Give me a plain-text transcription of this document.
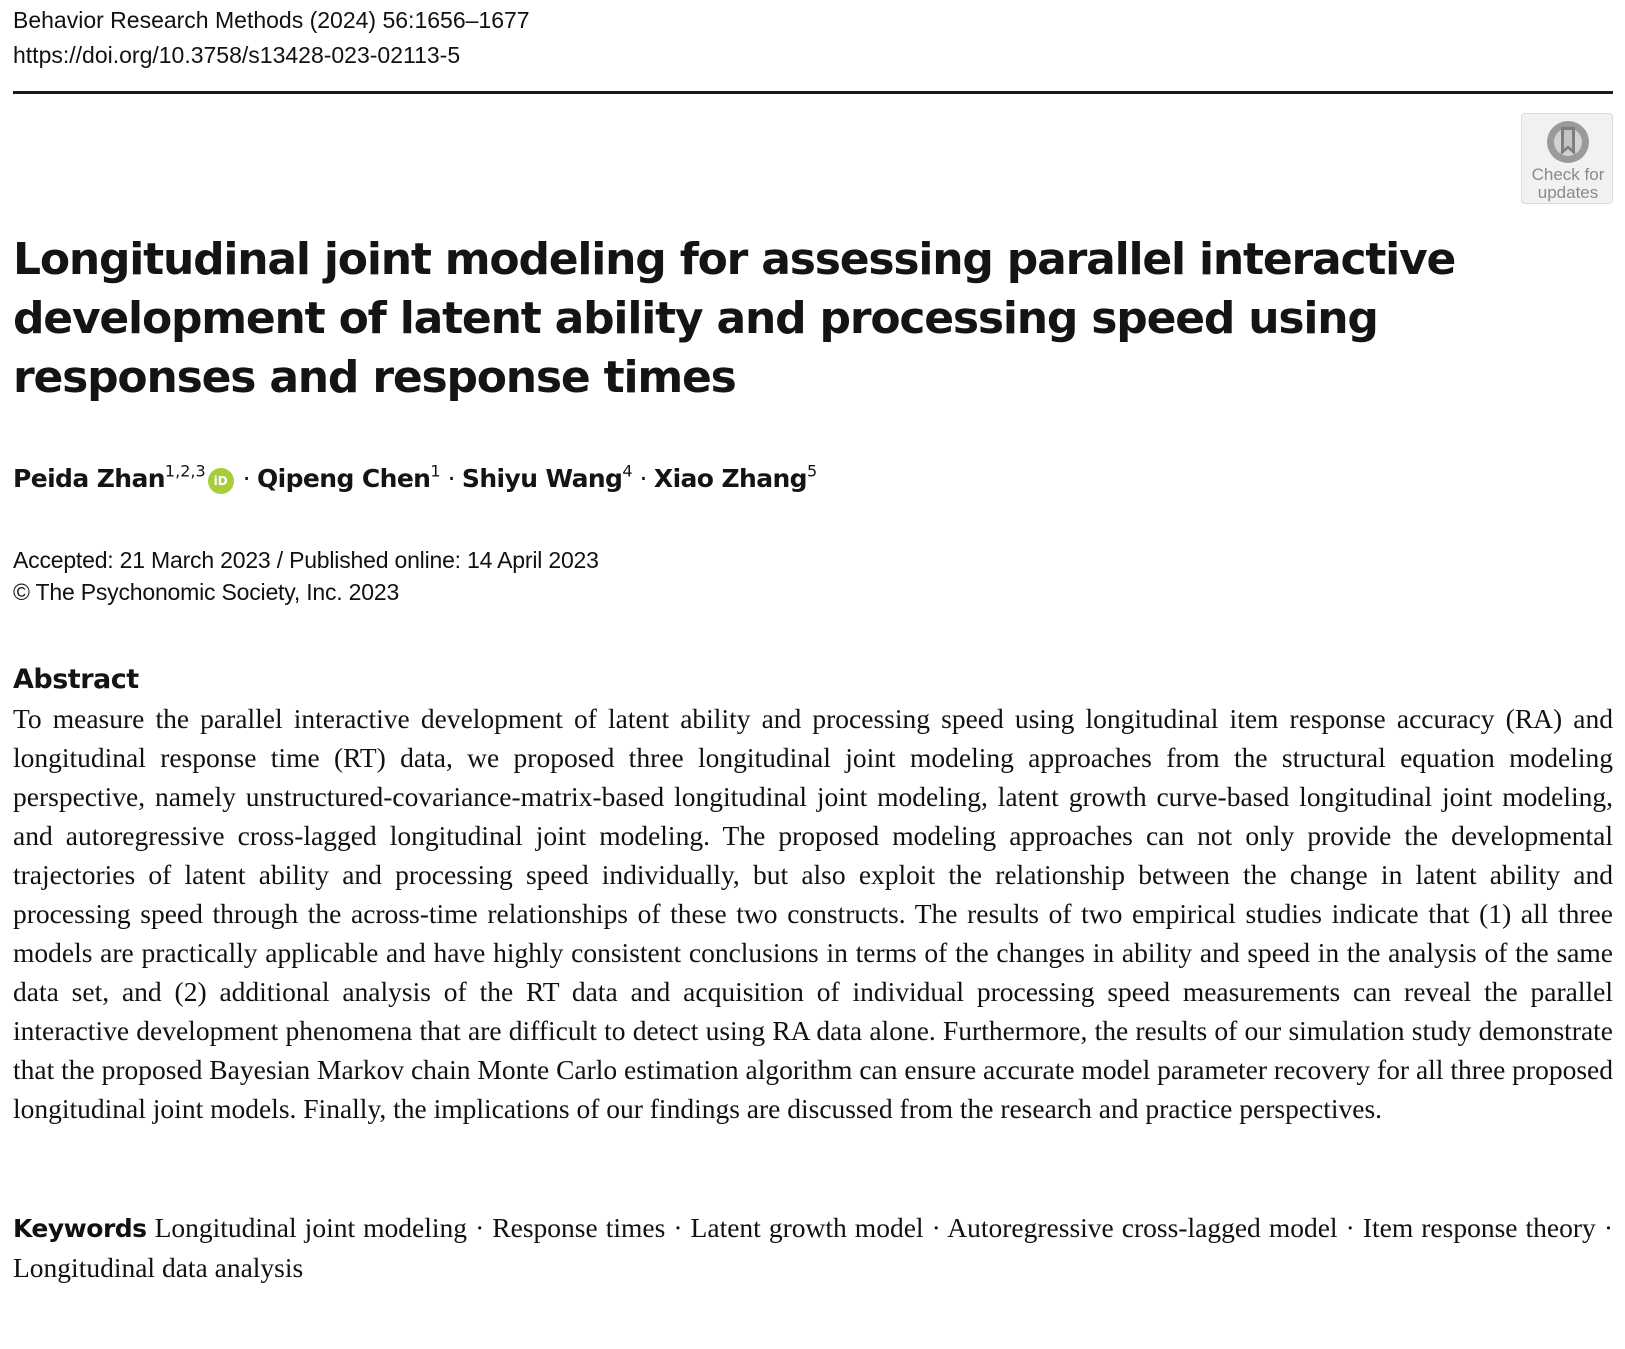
Behavior Research Methods (2024) 56:1656–1677
https://doi.org/10.3758/s13428-023-02113-5
Check for
updates
Longitudinal joint modeling for assessing parallel interactive development of latent ability and processing speed using responses and response times
Peida Zhan$^{1,2,3}$iD · Qipeng Chen$^1$ · Shiyu Wang$^4$ · Xiao Zhang$^5$
Accepted: 21 March 2023 / Published online: 14 April 2023
© The Psychonomic Society, Inc. 2023
Abstract

To measure the parallel interactive development of latent ability and processing speed using longitudinal item response accuracy (RA) and longitudinal response time (RT) data, we proposed three longitudinal joint modeling approaches from the structural equation modeling perspective, namely unstructured-covariance-matrix-based longitudinal joint modeling, latent growth curve-based longitudinal joint modeling, and autoregressive cross-lagged longitudinal joint modeling. The proposed modeling approaches can not only provide the developmental trajectories of latent ability and processing speed individually, but also exploit the relationship between the change in latent ability and processing speed through the across-time relationships of these two constructs. The results of two empirical studies indicate that (1) all three models are practically applicable and have highly consistent conclusions in terms of the changes in ability and speed in the analysis of the same data set, and (2) additional analysis of the RT data and acquisition of individual processing speed measurements can reveal the parallel interactive development phenomena that are difficult to detect using RA data alone. Furthermore, the results of our simulation study demonstrate that the proposed Bayesian Markov chain Monte Carlo estimation algorithm can ensure accurate model parameter recovery for all three proposed longitudinal joint models. Finally, the implications of our findings are discussed from the research and practice perspectives.

Keywords Longitudinal joint modeling · Response times · Latent growth model · Autoregressive cross-lagged model · Item response theory · Longitudinal data analysis
